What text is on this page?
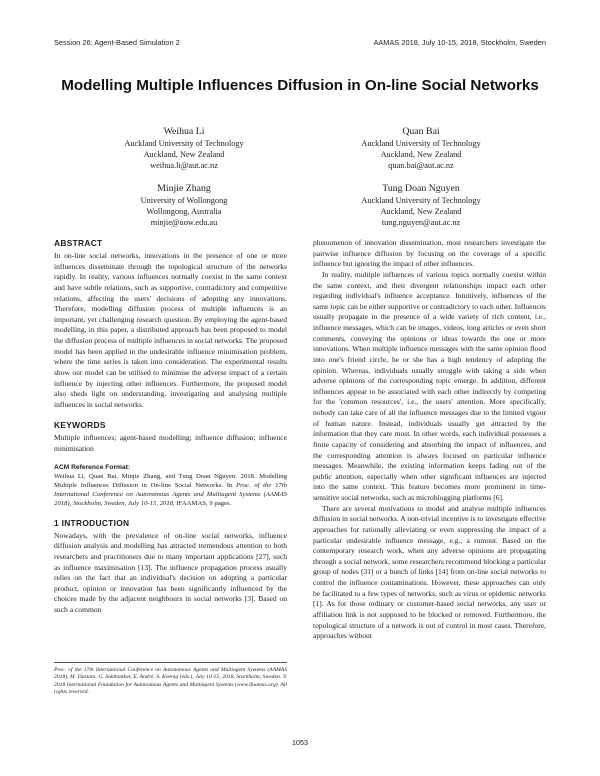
Session 26: Agent-Based Simulation 2	AAMAS 2018, July 10-15, 2018, Stockholm, Sweden
Modelling Multiple Influences Diffusion in On-line Social Networks
Weihua Li
Auckland University of Technology
Auckland, New Zealand
weihua.li@aut.ac.nz
Quan Bai
Auckland University of Technology
Auckland, New Zealand
quan.bai@aut.ac.nz
Minjie Zhang
University of Wollongong
Wollongong, Australia
minjie@uow.edu.au
Tung Doan Nguyen
Auckland University of Technology
Auckland, New Zealand
tung.nguyen@aut.ac.nz
ABSTRACT

In on-line social networks, innovations in the presence of one or more influences disseminate through the topological structure of the networks rapidly. In reality, various influences normally coexist in the same context and have subtle relations, such as supportive, contradictory and competitive relations, affecting the users' decisions of adopting any innovations. Therefore, modelling diffusion process of multiple influences is an important, yet challenging research question. By employing the agent-based modelling, in this paper, a distributed approach has been proposed to model the diffusion process of multiple influences in social networks. The proposed model has been applied in the undesirable influence minimisation problem, where the time series is taken into consideration. The experimental results show our model can be utilised to minimise the adverse impact of a certain influence by injecting other influences. Furthermore, the proposed model also sheds light on understanding, investigating and analysing multiple influences in social networks.

KEYWORDS

Multiple influences; agent-based modelling; influence diffusion; influence minimisation

ACM Reference Format:

Weihua Li, Quan Bai, Minjie Zhang, and Tung Doan Nguyen. 2018. Modelling Multiple Influences Diffusion in On-line Social Networks. In Proc. of the 17th International Conference on Autonomous Agents and Multiagent Systems (AAMAS 2018), Stockholm, Sweden, July 10-15, 2018, IFAAMAS, 9 pages.

1 INTRODUCTION

Nowadays, with the prevalence of on-line social networks, influence diffusion analysis and modelling has attracted tremendous attention to both researchers and practitioners due to many important applications [27], such as influence maximisation [13]. The influence propagation process usually relies on the fact that an individual's decision on adopting a particular product, opinion or innovation has been significantly influenced by the choices made by the adjacent neighbours in social networks [3]. Based on such a common

Proc. of the 17th International Conference on Autonomous Agents and Multiagent Systems (AAMAS 2018), M. Dastani, G. Sukthankar, E. André, S. Koenig (eds.), July 10-15, 2018, Stockholm, Sweden. © 2018 International Foundation for Autonomous Agents and Multiagent Systems (www.ifaamas.org). All rights reserved.

phenomenon of innovation dissemination, most researchers investigate the pairwise influence diffusion by focusing on the coverage of a specific influence but ignoring the impact of other influences.

In reality, multiple influences of various topics normally coexist within the same context, and their divergent relationships impact each other regarding individual's influence acceptance. Intuitively, influences of the same topic can be either supportive or contradictory to each other. Influences usually propagate in the presence of a wide variety of rich content, i.e., influence messages, which can be images, videos, long articles or even short comments, conveying the opinions or ideas towards the one or more innovations. When multiple influence messages with the same opinion flood into one's friend circle, he or she has a high tendency of adopting the opinion. Whereas, individuals usually struggle with taking a side when adverse opinions of the corresponding topic emerge. In addition, different influences appear to be associated with each other indirectly by competing for the 'common resources', i.e., the users' attention. More specifically, nobody can take care of all the influence messages due to the limited vigour of human nature. Instead, individuals usually get attracted by the information that they care most. In other words, each individual possesses a finite capacity of considering and absorbing the impact of influences, and the corresponding attention is always focused on particular influence messages. Meanwhile, the existing information keeps fading out of the public attention, especially when other significant influences are injected into the same context. This feature becomes more prominent in time-sensitive social networks, such as microblogging platforms [6].

There are several motivations to model and analyse multiple influences diffusion in social networks. A non-trivial incentive is to investigate effective approaches for rationally alleviating or even suppressing the impact of a particular undesirable influence message, e.g., a rumour. Based on the contemporary research work, when any adverse opinions are propagating through a social network, some researchers recommend blocking a particular group of nodes [31] or a bunch of links [14] from on-line social networks to control the influence contaminations. However, these approaches can only be facilitated to a few types of networks, such as virus or epidemic networks [1]. As for those ordinary or customer-based social networks, any user or affiliation link is not supposed to be blocked or removed. Furthermore, the topological structure of a network is out of control in most cases. Therefore, approaches without

1053
